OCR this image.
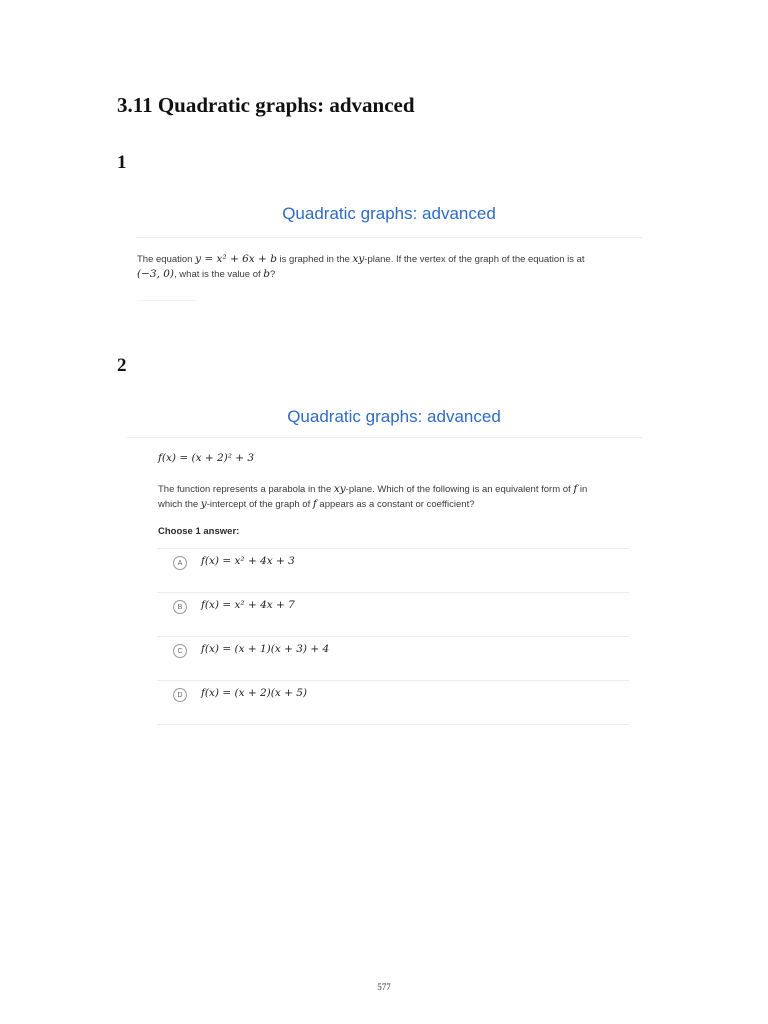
3.11 Quadratic graphs: advanced
1
Quadratic graphs: advanced
The equation y = x² + 6x + b is graphed in the xy-plane. If the vertex of the graph of the equation is at
(−3, 0), what is the value of b?
2
Quadratic graphs: advanced
f(x) = (x + 2)² + 3
The function represents a parabola in the xy-plane. Which of the following is an equivalent form of f in
which the y-intercept of the graph of f appears as a constant or coefficient?
Choose 1 answer:
A	f(x) = x² + 4x + 3
B	f(x) = x² + 4x + 7
C	f(x) = (x + 1)(x + 3) + 4
D	f(x) = (x + 2)(x + 5)
577
